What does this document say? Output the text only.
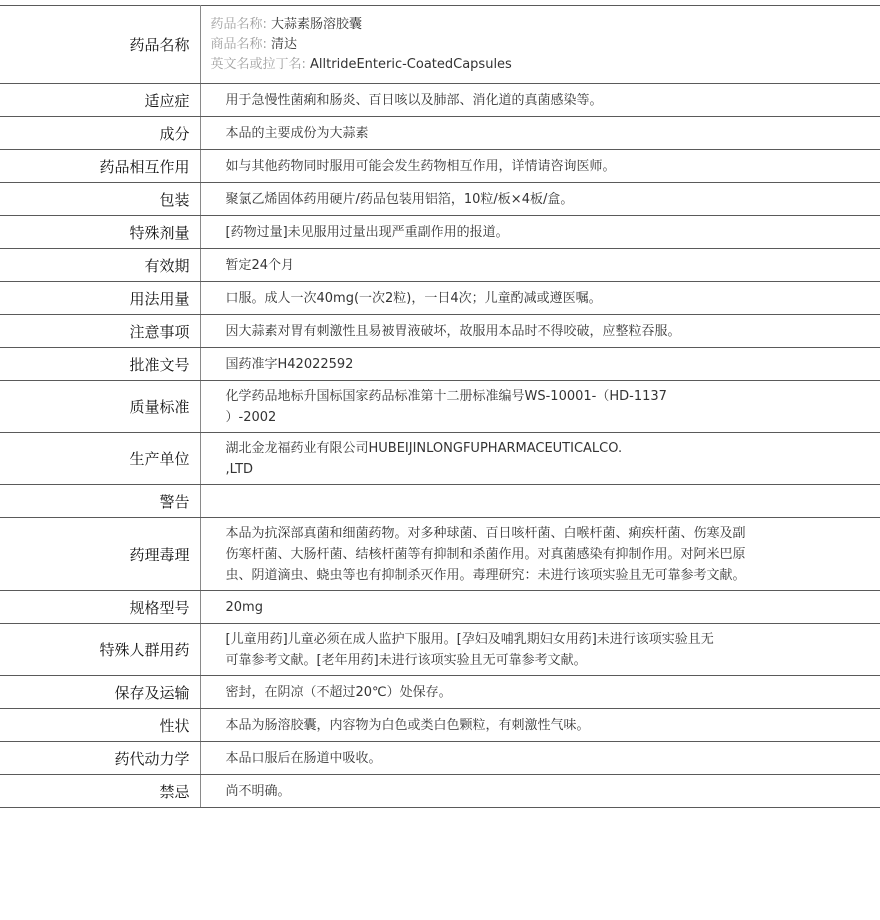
药品名称	药品名称: 大蒜素肠溶胶囊
商品名称: 清达
英文名或拉丁名: AlltrideEnteric-CoatedCapsules

适应症	用于急慢性菌痢和肠炎、百日咳以及肺部、消化道的真菌感染等。
成分	本品的主要成份为大蒜素
药品相互作用	如与其他药物同时服用可能会发生药物相互作用，详情请咨询医师。
包装	聚氯乙烯固体药用硬片/药品包装用铝箔，10粒/板×4板/盒。
特殊剂量	[药物过量]未见服用过量出现严重副作用的报道。
有效期	暂定24个月
用法用量	口服。成人一次40mg(一次2粒)，一日4次；儿童酌减或遵医嘱。
注意事项	因大蒜素对胃有刺激性且易被胃液破坏，故服用本品时不得咬破，应整粒吞服。
批准文号	国药准字H42022592
质量标准	化学药品地标升国标国家药品标准第十二册标准编号WS-10001-（HD-1137
）-2002

生产单位	湖北金龙福药业有限公司HUBEIJINLONGFUPHARMACEUTICALCO.
,LTD

警告	
药理毒理	本品为抗深部真菌和细菌药物。对多种球菌、百日咳杆菌、白喉杆菌、痢疾杆菌、伤寒及副
伤寒杆菌、大肠杆菌、结核杆菌等有抑制和杀菌作用。对真菌感染有抑制作用。对阿米巴原
虫、阴道滴虫、蛲虫等也有抑制杀灭作用。毒理研究：未进行该项实验且无可靠参考文献。

规格型号	20mg
特殊人群用药	[儿童用药]儿童必须在成人监护下服用。[孕妇及哺乳期妇女用药]未进行该项实验且无
可靠参考文献。[老年用药]未进行该项实验且无可靠参考文献。

保存及运输	密封，在阴凉（不超过20℃）处保存。
性状	本品为肠溶胶囊，内容物为白色或类白色颗粒，有刺激性气味。
药代动力学	本品口服后在肠道中吸收。
禁忌	尚不明确。
